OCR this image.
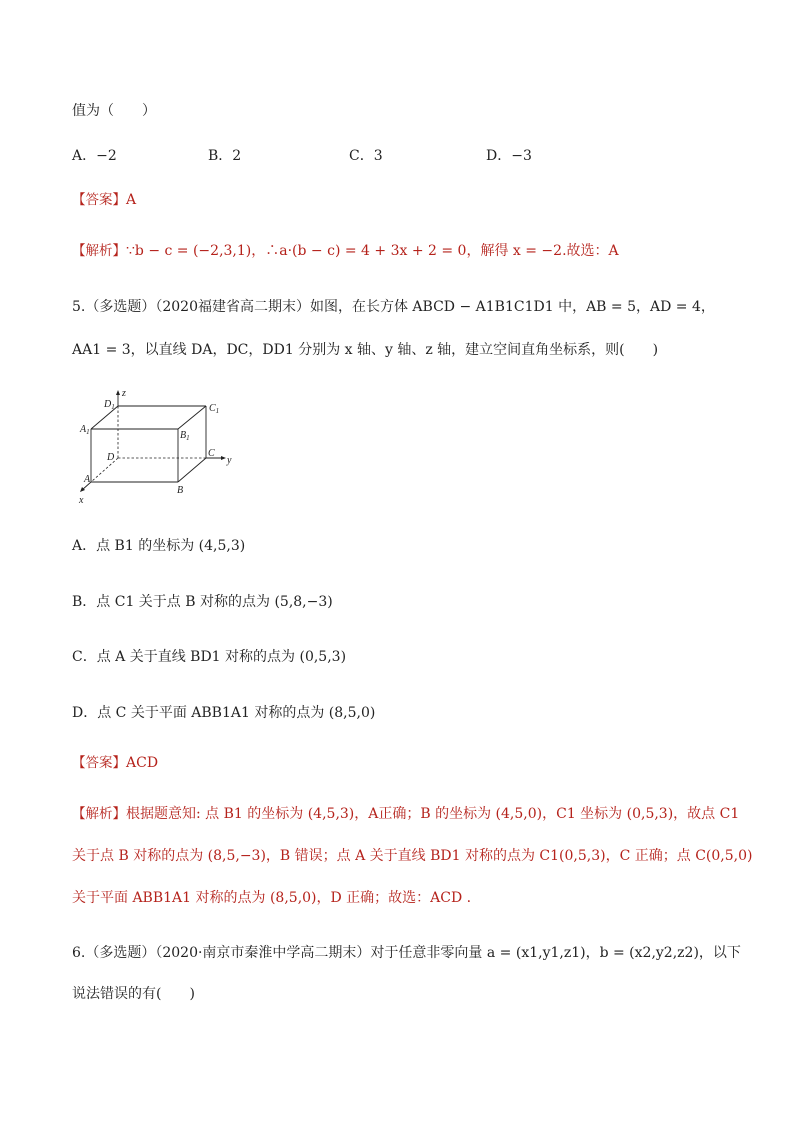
值为（　　）
A．−2	B．2	C．3	D．−3
【答案】A
【解析】∵b − c = (−2,3,1)，∴a·(b − c) = 4 + 3x + 2 = 0，解得 x = −2.故选：A
5.（多选题）（2020福建省高二期末）如图，在长方体 ABCD − A1B1C1D1 中，AB = 5，AD = 4，
AA1 = 3，以直线 DA，DC，DD1 分别为 x 轴、y 轴、z 轴，建立空间直角坐标系，则(　　)
z
y
x
$D_1$	$C_1$
$A_1$	$B_1$
D	C
A
B
A．点 B1 的坐标为 (4,5,3)
B．点 C1 关于点 B 对称的点为 (5,8,−3)
C．点 A 关于直线 BD1 对称的点为 (0,5,3)
D．点 C 关于平面 ABB1A1 对称的点为 (8,5,0)
【答案】ACD
【解析】根据题意知: 点 B1 的坐标为 (4,5,3)，A正确；B 的坐标为 (4,5,0)，C1 坐标为 (0,5,3)，故点 C1
关于点 B 对称的点为 (8,5,−3)，B 错误；点 A 关于直线 BD1 对称的点为 C1(0,5,3)，C 正确；点 C(0,5,0)
关于平面 ABB1A1 对称的点为 (8,5,0)，D 正确；故选：ACD .
6.（多选题）（2020·南京市秦淮中学高二期末）对于任意非零向量 a = (x1,y1,z1)，b = (x2,y2,z2)，以下
说法错误的有(　　)
